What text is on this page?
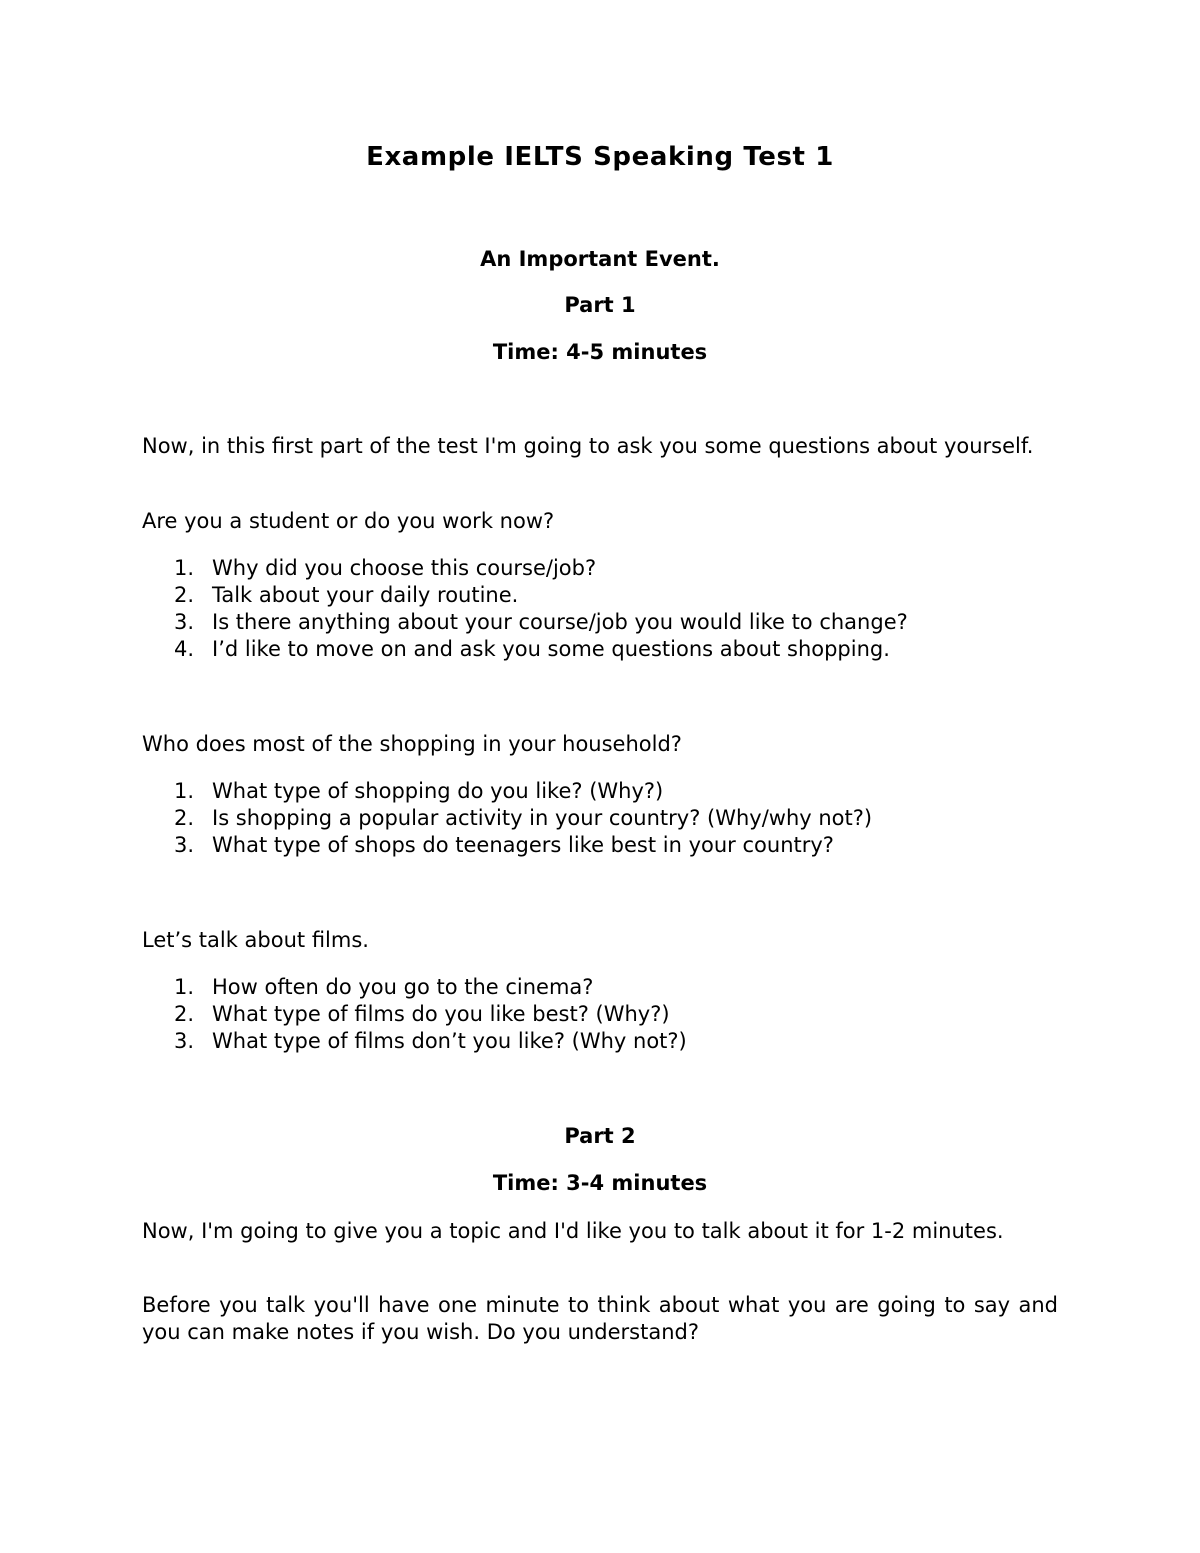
Example IELTS Speaking Test 1

An Important Event.

Part 1

Time: 4-5 minutes

Now, in this first part of the test I'm going to ask you some questions about yourself.

Are you a student or do you work now?

1. Why did you choose this course/job?
2. Talk about your daily routine.
3. Is there anything about your course/job you would like to change?
4. I’d like to move on and ask you some questions about shopping.

Who does most of the shopping in your household?

1. What type of shopping do you like? (Why?)
2. Is shopping a popular activity in your country? (Why/why not?)
3. What type of shops do teenagers like best in your country?

Let’s talk about films.

1. How often do you go to the cinema?
2. What type of films do you like best? (Why?)
3. What type of films don’t you like? (Why not?)

Part 2

Time: 3-4 minutes

Now, I'm going to give you a topic and I'd like you to talk about it for 1-2 minutes.

Before you talk you'll have one minute to think about what you are going to say and you can make notes if you wish. Do you understand?
